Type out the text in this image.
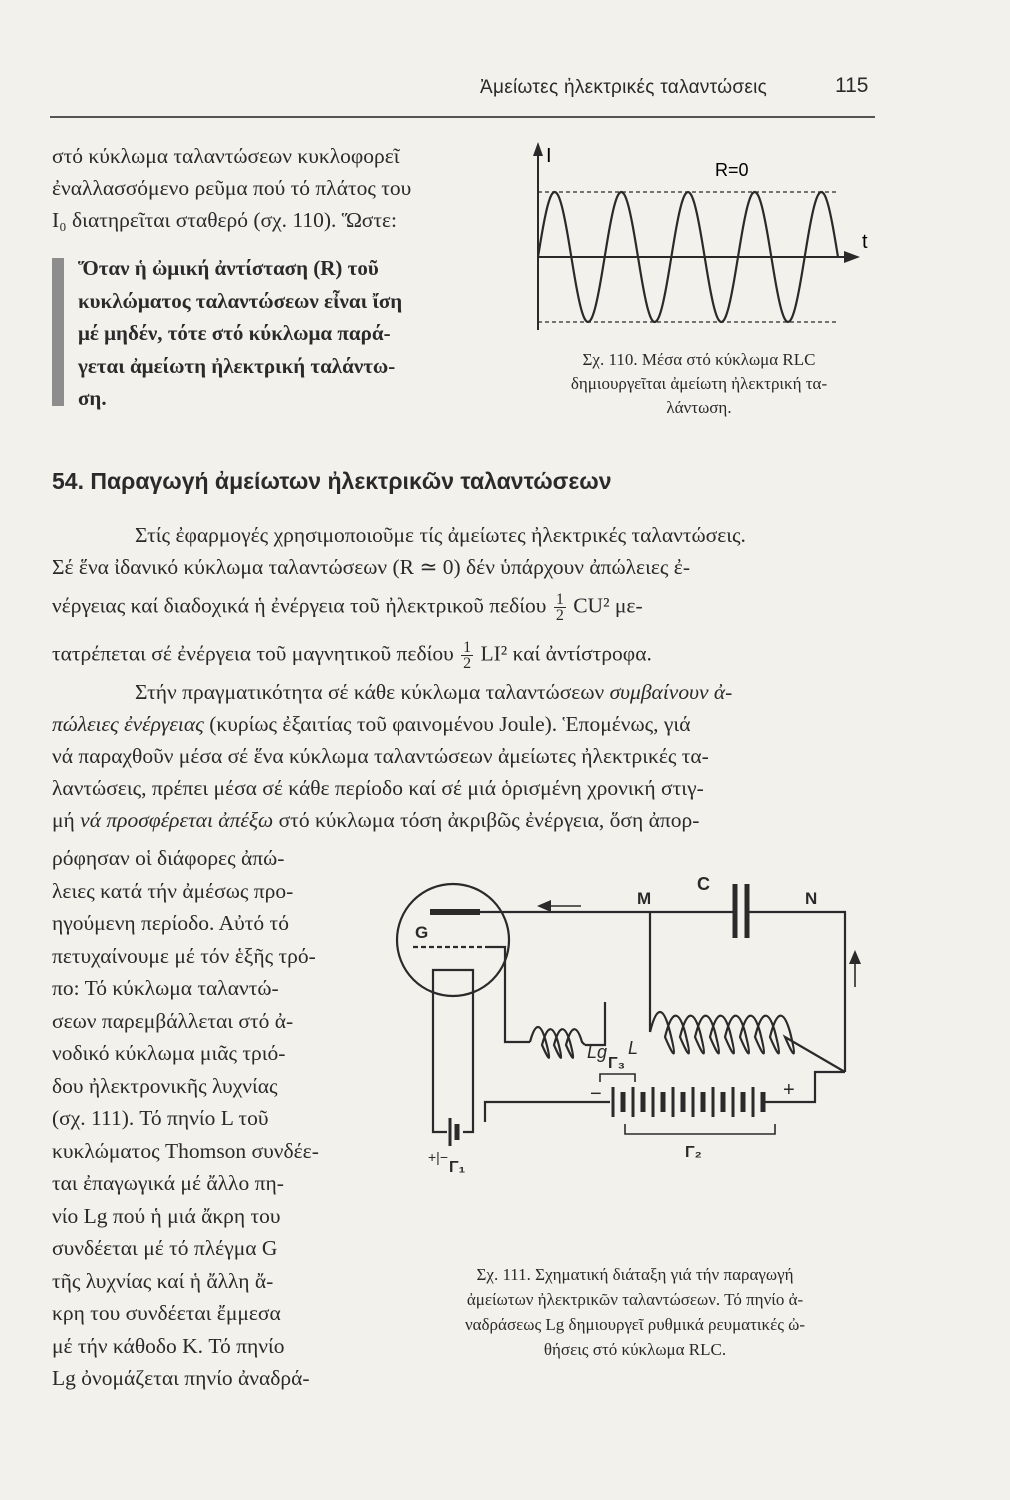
Ἀμείωτες ἠλεκτρικές ταλαντώσεις	115
στό κύκλωμα ταλαντώσεων κυκλοφορεῖ
ἐναλλασσόμενο ρεῦμα πού τό πλάτος του
I₀ διατηρεῖται σταθερό (σχ. 110). Ὥστε:
Ὅταν ἡ ὠμική ἀντίσταση (R) τοῦ
κυκλώματος ταλαντώσεων εἶναι ἴση
μέ μηδέν, τότε στό κύκλωμα παρά-
γεται ἀμείωτη ἠλεκτρική ταλάντω-
ση.
I
t
R=0
Σχ. 110. Μέσα στό κύκλωμα RLC
δημιουργεῖται ἀμείωτη ἠλεκτρική τα-
λάντωση.
54. Παραγωγή ἀμείωτων ἠλεκτρικῶν ταλαντώσεων
Στίς ἐφαρμογές χρησιμοποιοῦμε τίς ἀμείωτες ἠλεκτρικές ταλαντώσεις.
Σέ ἕνα ἰδανικό κύκλωμα ταλαντώσεων (R ≃ 0) δέν ὑπάρχουν ἀπώλειες ἐ-
νέργειας καί διαδοχικά ἡ ἐνέργεια τοῦ ἠλεκτρικοῦ πεδίου $\frac{1}{2} CU^2$ με-
τατρέπεται σέ ἐνέργεια τοῦ μαγνητικοῦ πεδίου $\frac{1}{2} LI^2$ καί ἀντίστροφα.
Στήν πραγματικότητα σέ κάθε κύκλωμα ταλαντώσεων συμβαίνουν ἀ-
πώλειες ἐνέργειας (κυρίως ἐξαιτίας τοῦ φαινομένου Joule). Ἑπομένως, γιά
νά παραχθοῦν μέσα σέ ἕνα κύκλωμα ταλαντώσεων ἀμείωτες ἠλεκτρικές τα-
λαντώσεις, πρέπει μέσα σέ κάθε περίοδο καί σέ μιά ὁρισμένη χρονική στιγ-
μή νά προσφέρεται ἀπέξω στό κύκλωμα τόση ἀκριβῶς ἐνέργεια, ὅση ἀπορ-
ρόφησαν οἱ διάφορες ἀπώ-
λειες κατά τήν ἀμέσως προ-
ηγούμενη περίοδο. Αὐτό τό
πετυχαίνουμε μέ τόν ἑξῆς τρό-
πο: Τό κύκλωμα ταλαντώ-
σεων παρεμβάλλεται στό ἀ-
νοδικό κύκλωμα μιᾶς τριό-
δου ἠλεκτρονικῆς λυχνίας
(σχ. 111). Τό πηνίο L τοῦ
κυκλώματος Thomson συνδέε-
ται ἐπαγωγικά μέ ἄλλο πη-
νίο Lg πού ἡ μιά ἄκρη του
συνδέεται μέ τό πλέγμα G
τῆς λυχνίας καί ἡ ἄλλη ἄ-
κρη του συνδέεται ἔμμεσα
μέ τήν κάθοδο K. Τό πηνίο
Lg ὀνομάζεται πηνίο ἀναδρά-
M
C
N
G
Lg L
Γ₃
Γ₂
Γ₁
−	+
+|−
Σχ. 111. Σχηματική διάταξη γιά τήν παραγωγή
ἀμείωτων ἠλεκτρικῶν ταλαντώσεων. Τό πηνίο ἀ-
ναδράσεως Lg δημιουργεῖ ρυθμικά ρευματικές ὠ-
θήσεις στό κύκλωμα RLC.
